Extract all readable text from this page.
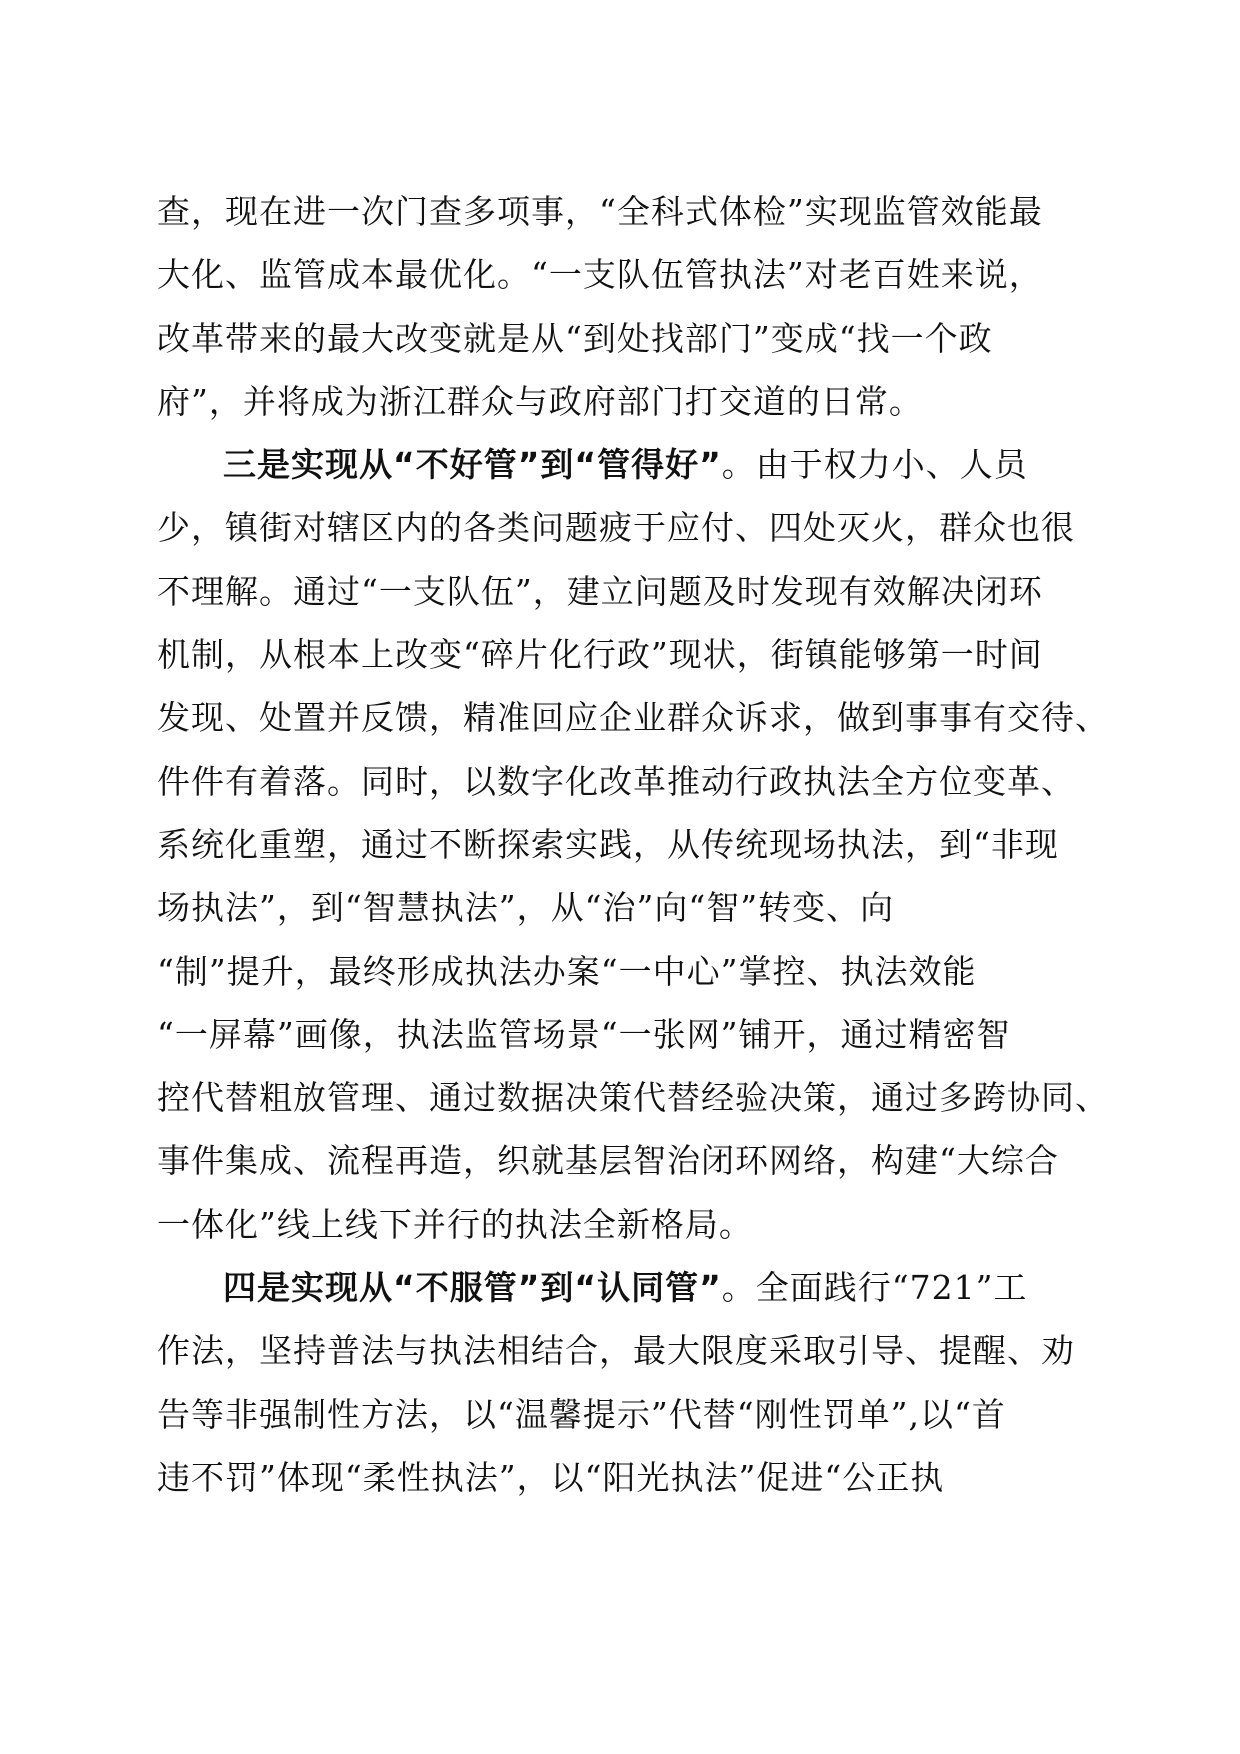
查，现在进一次门查多项事，“全科式体检”实现监管效能最
大化、监管成本最优化。“一支队伍管执法”对老百姓来说，
改革带来的最大改变就是从“到处找部门”变成“找一个政
府”，并将成为浙江群众与政府部门打交道的日常。
三是实现从“不好管”到“管得好”。由于权力小、人员
少，镇街对辖区内的各类问题疲于应付、四处灭火，群众也很
不理解。通过“一支队伍”，建立问题及时发现有效解决闭环
机制，从根本上改变“碎片化行政”现状，街镇能够第一时间
发现、处置并反馈，精准回应企业群众诉求，做到事事有交待、
件件有着落。同时，以数字化改革推动行政执法全方位变革、
系统化重塑，通过不断探索实践，从传统现场执法，到“非现
场执法”，到“智慧执法”，从“治”向“智”转变、向
“制”提升，最终形成执法办案“一中心”掌控、执法效能
“一屏幕”画像，执法监管场景“一张网”铺开，通过精密智
控代替粗放管理、通过数据决策代替经验决策，通过多跨协同、
事件集成、流程再造，织就基层智治闭环网络，构建“大综合
一体化”线上线下并行的执法全新格局。
四是实现从“不服管”到“认同管”。全面践行“721”工
作法，坚持普法与执法相结合，最大限度采取引导、提醒、劝
告等非强制性方法，以“温馨提示”代替“刚性罚单”,以“首
违不罚”体现“柔性执法”，以“阳光执法”促进“公正执
